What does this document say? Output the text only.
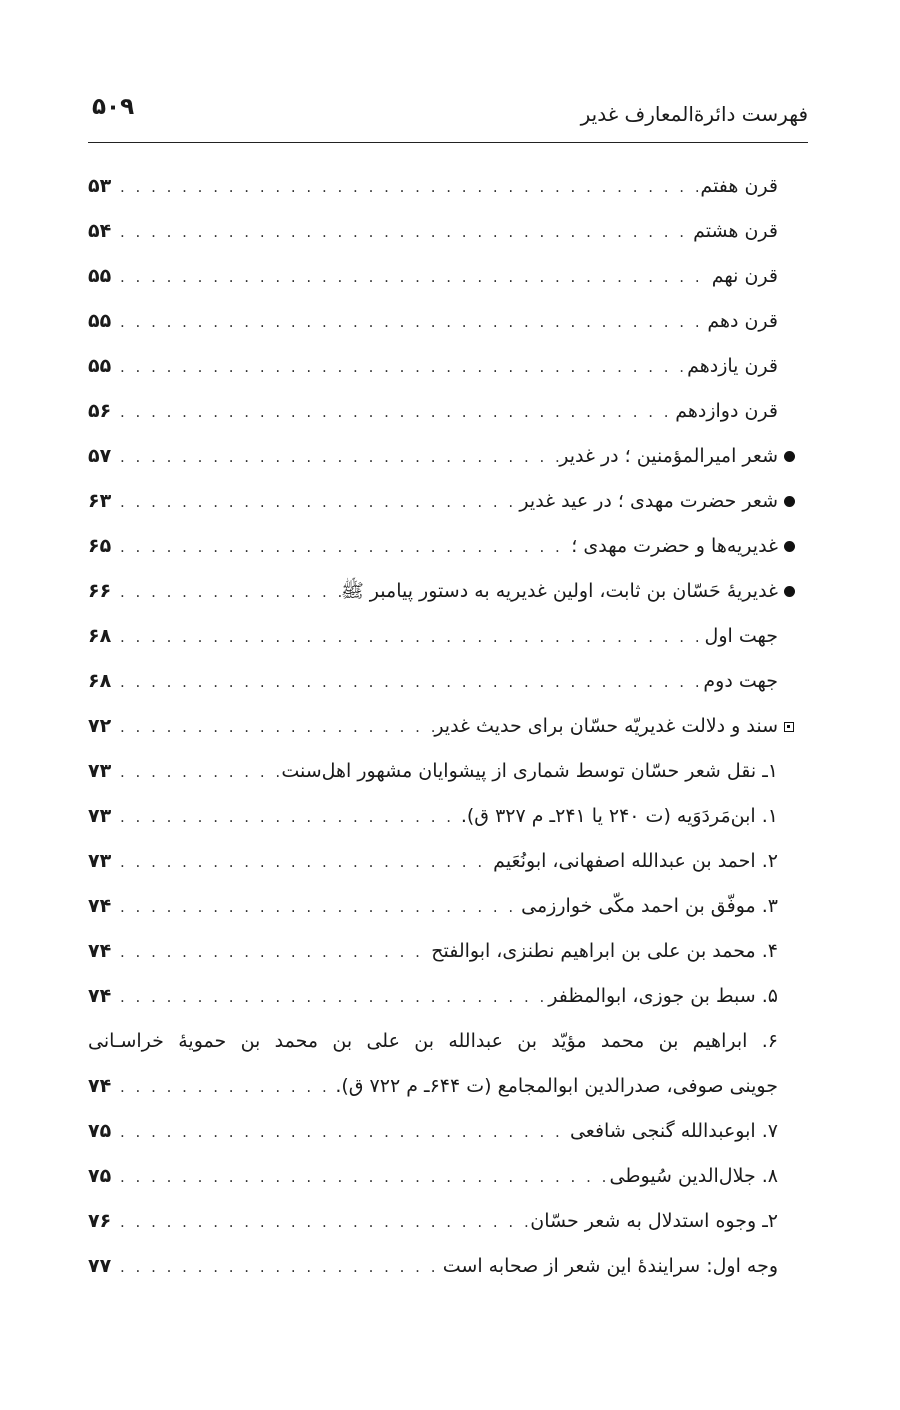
فهرست دائرةالمعارف غدیر
۵۰۹
قرن هفتم
. . .
۵۳
قرن هشتم
. . .
۵۴
قرن نهم
. . .
۵۵
قرن دهم
. . .
۵۵
قرن یازدهم
. . .
۵۵
قرن دوازدهم
. . .
۵۶
شعر امیرالمؤمنین ؛ در غدیر
. . .
۵۷
شعر حضرت مهدی ؛ در عید غدیر
. . .
۶۳
غدیریه‌ها و حضرت مهدی ؛
. . .
۶۵
غدیریهٔ حَسّان بن ثابت، اولین غدیریه به دستور پیامبر ﷺ
. . .
۶۶
جهت اول
. . .
۶۸
جهت دوم
. . .
۶۸
سند و دلالت غدیریّه حسّان برای حدیث غدیر
. . .
۷۲
۱ـ نقل شعر حسّان توسط شماری از پیشوایان مشهور اهل‌سنت
. . .
۷۳
۱. ابن‌مَردَوَیه (ت ۲۴۰ یا ۲۴۱ـ م ۳۲۷ ق).
. . .
۷۳
۲. احمد بن عبدالله اصفهانی، ابونُعَیم
. . .
۷۳
۳. موفّق بن احمد مکّی خوارزمی
. . .
۷۴
۴. محمد بن علی بن ابراهیم نطنزی، ابوالفتح
. . .
۷۴
۵. سبط بن جوزی، ابوالمظفر
. . .
۷۴
۶. ابراهیم بن محمد مؤیّد بن عبدالله بن علی بن محمد بن حمویهٔ خراسـانی
جوینی صوفی، صدرالدین ابوالمجامع (ت ۶۴۴ـ م ۷۲۲ ق).
. . .
۷۴
۷. ابوعبدالله گنجی شافعی
. . .
۷۵
۸. جلال‌الدین سُیوطی
. . .
۷۵
۲ـ وجوه استدلال به شعر حسّان
. . .
۷۶
وجه اول: سرایندهٔ این شعر از صحابه است
. . .
۷۷
